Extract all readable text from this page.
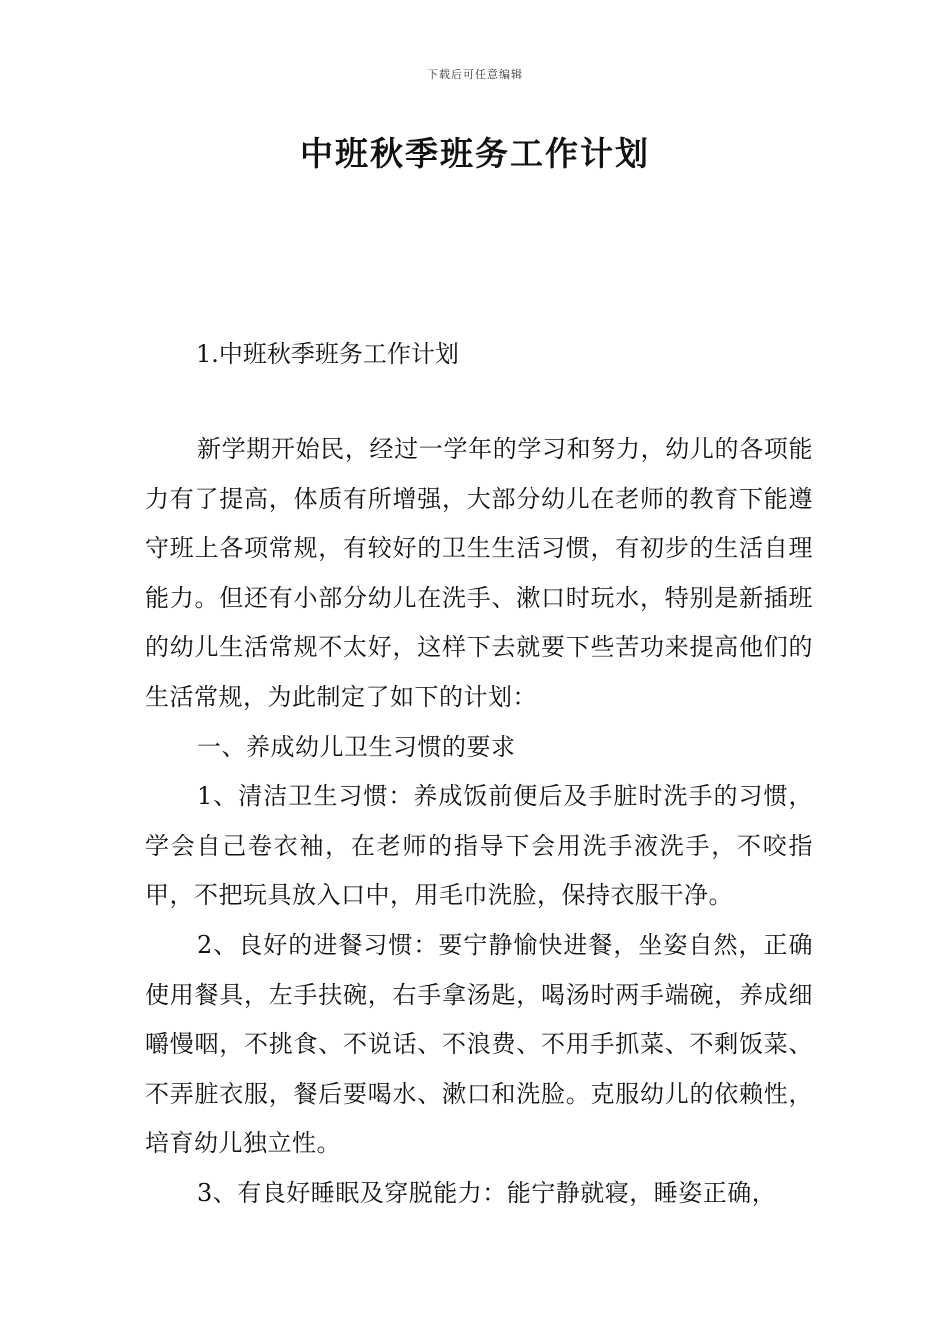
下载后可任意编辑
中班秋季班务工作计划
1.中班秋季班务工作计划

新学期开始民，经过一学年的学习和努力，幼儿的各项能力有了提高，体质有所增强，大部分幼儿在老师的教育下能遵守班上各项常规，有较好的卫生生活习惯，有初步的生活自理能力。但还有小部分幼儿在洗手、漱口时玩水，特别是新插班的幼儿生活常规不太好，这样下去就要下些苦功来提高他们的生活常规，为此制定了如下的计划：

一、养成幼儿卫生习惯的要求

1、清洁卫生习惯：养成饭前便后及手脏时洗手的习惯，学会自己卷衣袖，在老师的指导下会用洗手液洗手，不咬指甲，不把玩具放入口中，用毛巾洗脸，保持衣服干净。

2、良好的进餐习惯：要宁静愉快进餐，坐姿自然，正确使用餐具，左手扶碗，右手拿汤匙，喝汤时两手端碗，养成细嚼慢咽，不挑食、不说话、不浪费、不用手抓菜、不剩饭菜、不弄脏衣服，餐后要喝水、漱口和洗脸。克服幼儿的依赖性，培育幼儿独立性。

3、有良好睡眠及穿脱能力：能宁静就寝，睡姿正确，
